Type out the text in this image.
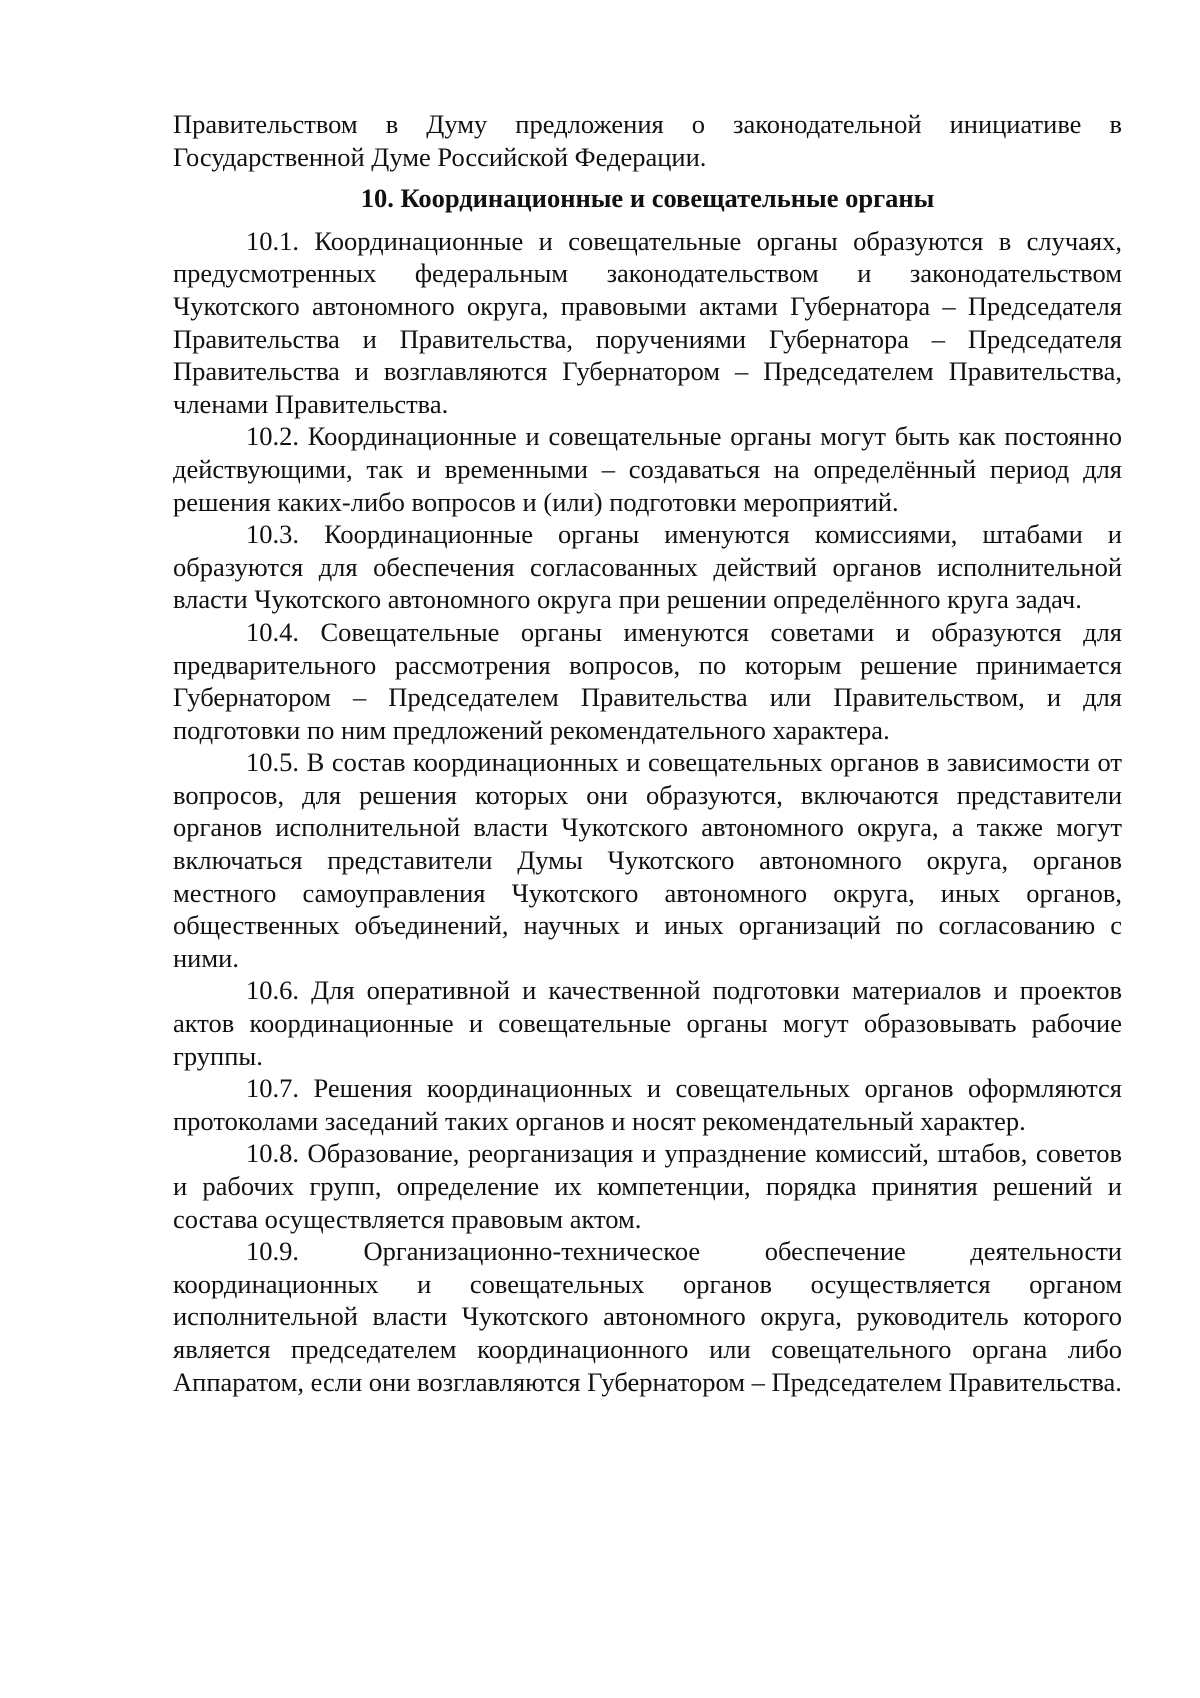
Правительством в Думу предложения о законодательной инициативе в Государственной Думе Российской Федерации.

10. Координационные и совещательные органы

10.1. Координационные и совещательные органы образуются в случаях, предусмотренных федеральным законодательством и законодательством Чукотского автономного округа, правовыми актами Губернатора – Председателя Правительства и Правительства, поручениями Губернатора – Председателя Правительства и возглавляются Губернатором – Председателем Правительства, членами Правительства.

10.2. Координационные и совещательные органы могут быть как постоянно действующими, так и временными – создаваться на определённый период для решения каких-либо вопросов и (или) подготовки мероприятий.

10.3. Координационные органы именуются комиссиями, штабами и образуются для обеспечения согласованных действий органов исполнительной власти Чукотского автономного округа при решении определённого круга задач.

10.4. Совещательные органы именуются советами и образуются для предварительного рассмотрения вопросов, по которым решение принимается Губернатором – Председателем Правительства или Правительством, и для подготовки по ним предложений рекомендательного характера.

10.5. В состав координационных и совещательных органов в зависимости от вопросов, для решения которых они образуются, включаются представители органов исполнительной власти Чукотского автономного округа, а также могут включаться представители Думы Чукотского автономного округа, органов местного самоуправления Чукотского автономного округа, иных органов, общественных объединений, научных и иных организаций по согласованию с ними.

10.6. Для оперативной и качественной подготовки материалов и проектов актов координационные и совещательные органы могут образовывать рабочие группы.

10.7. Решения координационных и совещательных органов оформляются протоколами заседаний таких органов и носят рекомендательный характер.

10.8. Образование, реорганизация и упразднение комиссий, штабов, советов и рабочих групп, определение их компетенции, порядка принятия решений и состава осуществляется правовым актом.

10.9. Организационно-техническое обеспечение деятельности координационных и совещательных органов осуществляется органом исполнительной власти Чукотского автономного округа, руководитель которого является председателем координационного или совещательного органа либо Аппаратом, если они возглавляются Губернатором – Председателем Правительства.
